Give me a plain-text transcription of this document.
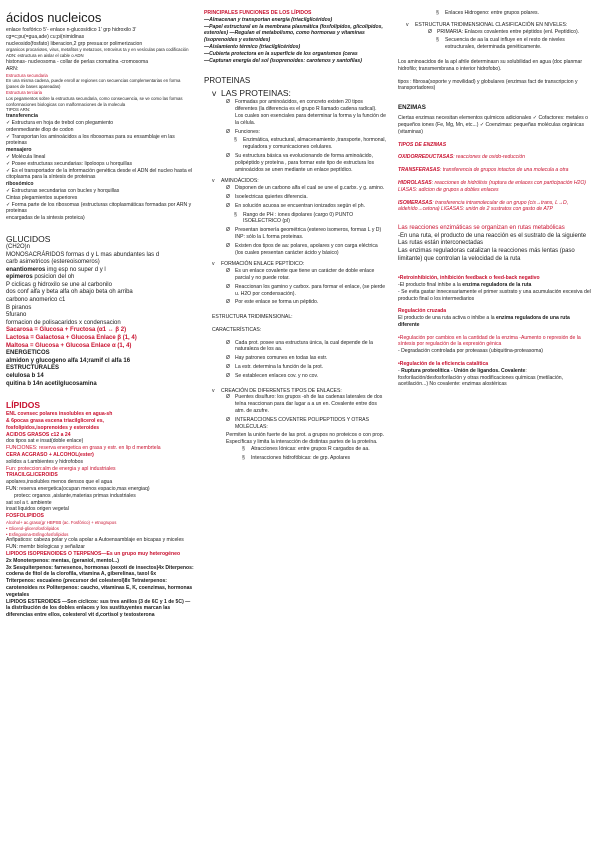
ácidos nucleicos
enlace fosfórico 5’- enlace n-glucosídico 1’ grp hidroxilo 3’
cg=c;pu(=gua,ade) cu;pi(nimidinas
nucleosido(fosfato) liberacion,2 grp presua:or polimerizacion
organicos procariotes, virus, metafitos y metazoos, retrovirus ta y en vesículas para codificación
ADN: estructura en aislar el cable o ADN
histonas- nucleosoma - collar de perlas cromatina -cromosoma
ARN:
Estructura secundaria
En una misma cadena, puede enroll ar regiones con secuencias complementarias en forma (pases de bases apareadas)
Estructura terciaria
Los pegamentos sobre la estructura secundaria, como consecuencia, se ve como las formas conformaciones biologicas con malformaciones de la molecula
TIPOS ARN:
transferencia
✓ Estructura en hoja de trebol con plegamiento
ordenmediante dlop de codon
✓ Transportan los aminoácidos a los ribosomas para su ensamblaje en las proteinas
mensajero
✓ Molécula lineal
✓ Posee estructuras secundarias: lipoloops u horquillas
✓ Es el transportador de la información genética desde el ADN del nucleo hasta el citoplasma para la síntesis de proteinas
ribosómico
✓ Estructuras secundarias con bucles y horquillas
Cintas plegamientos superiores
✓ Forma parte de los ribosomas (estructuras citoplasmáticas formadas por ARN y proteinas
encargadas de la sintesis proteica)
GLUCIDOS
(CH2O)n
MONOSACRÁRIDOS formas d y L mas abundantes las d
carb asimetricos (estereoisomeros)
enantiomeros img esp no super d y l
epimeros posicion del oh
P ciclicas g hidroxilo se une al carbonilo
dos conf alfa y beta alfa oh abajo beta oh arriba
carbono anomerico c1
B piranos
5furano
formacion de polisacaridos x condensacion
Sacarosa = Glucosa + Fructosa (α1 ↔ β 2)
Lactosa = Galactosa + Glucosa Enlace β (1, 4)
Maltosa = Glucosa + Glucosa Enlace α (1, 4)
ENERGETICOS
almidon y glucogeno alfa 14;ramif cl alfa 16
ESTRUCTURALES
celulosa b 14
quitina b 14n acetilglucosamina
LÍPIDOS
ENL covnsec polares insolubles en agua-sh
& 6pocas grasa escena triacilglicerol es,
fosfolipidos,isoprenoides y esteroides
ACIDOS GRASOS c12 a 24
dos tipos sat e insat(doble enlace)
FUNCIONES: reserva energetica en grasa y estr. en lip d membrtela
CERA ACGRASO + ALCOHOL(ester)
solidos a t.ambientes y hidrofobos
Fun: proteccion:alm de energia y apl industriales
TRIACILGLICEROIDS
apolares,insolubles menos densos que el agua
FUN: reserva energetica(ocupan menos espacio,mas energiaq)
protecc organos ,aislante,materias primas industriales
sat sol a t. ambiente
insat liquidos origen vegetal
FOSFOLIPIDOS
Alcohol+ ac.graso(gr HBPSB (ac. Fosfórico) + etnogrupos
• Glicerol-glicerofosfolipidos
• Esfingosina-Esfingofosfolípidos
Anfipaticos: cabeza polar y cola apolar a Autoensamblaje en bicapas y miceles
FUN: membr biologicas y señalizar
LIPIDOS ISOPRENOIDES O TERPENOS—Es un grupo muy heterogéneo
2x Monoterpenos: mentas, (geraniol, mentol...)
3x Sesquiterpenos: farnesenos, hormonas (oexoti de insectos)4x Diterpenos: codena de fitol de la clorofila, vitamina A, giberelinas, taxol 6x
Triterpenos: escualeno (precursor del colesterol)8x Tetraterpenos: carotenoides nx Politerpenos: caucho, vitaminas E, K, coenzimas, hormonas vegetales
LIPIDOS ESTEROIDES —Son cíclicos: sus tres anillos (3 de 6C y 1 de 5C) —la distribución de los dobles enlaces y los sustituyentes marcan las diferencias entre ellos, colesterol vit d,cortisol y testosterona
PRINCIPALES FUNCIONES DE LOS LÍPIDOS
—Almacenan y transportan energía (triacilglicéridos)
—Papel estructural en la membrana plasmática (fosfolípidos, glicolípidos, esteroles) —Regulan el metabolismo, como hormonas y vitaminas (isoprenoides y esteroides)
—Aislamiento térmico (triacilglicéridos)
—Cubierta protectora en la superficie de los organismos (ceras
—Capturan energía del sol (isoprenoides: carotenos y xantofilas)
PROTEINAS
v LAS PROTEINAS:
Ø Formadas por aminoácidos, en concreto existen 20 tipos diferentes (la diferencia es el grupo R llamado cadena radical). Los cuales son esenciales para determinar la forma y la función de la célula.
Ø Funciones:
§	Enzimática, estructural, almacenamiento ,transporte, hormonal, reguladora y comunicaciones celulares.
Ø Su estructura básica va evolucionando de forma aminoácido, polipéptido y proteína , para formar este tipo de estructura los aminoácidos se unen mediante un enlace peptídico.
v	AMINOÁCIDOS:
Ø Disponen de un carbono alfa el cual se une el g.carbx. y g. amino.
Ø Isoelectricas quiertes diferencia.
Ø En solución acuosa se encuentran ionizados según el ph.
§	Rango de PH : iones dipolares (cargo 0) PUNTO ISOELECTRICO (pI)
Ø Presentan isomería geométrica (estereo isomeros, formas L y D) INP: sólo la L forma proteinas.
Ø Existen dos tipos de aa: polares, apolares y con carga eléctrica (los cuales presentan carácter ácido y básico)
v	FORMACIÓN ENLACE PEPTÍDICO:
Ø Es un enlace covalente que tiene un carácter de doble enlace parcial y no puede rotar.
Ø Reaccionan los gamino y carbox. para formar el enlace, (se pierde u. H2O por condensación).
Ø Por este enlace se forma un péptido.
ESTRUCTURA TRIDIMENSIONAL:
CARACTERÍSTICAS:
Ø Cada prot. posee una estructura única, la cual depende de la naturaleza de los aa.
Ø Hay patrones comunes en todas las estr.
Ø La estr. determina la función de la prot.
Ø Se establecen enlaces cov. y no cov.
v	CREACIÓN DE DIFERENTES TIPOS DE ENLACES:
Ø Puentes disulfuro: los grupos -sh de las cadenas laterales de dos teína reaccionan para dar lugar a a un en. Covalente entre dos atm. de azufre.
Ø INTERACCIONES COVENTRE POLIPEPTIDOS Y OTRAS MOLÉCULAS:
Permiten la unión fuerte de las prot. a grupos no proteicos o con prop. Específicas y limita la interacción de distintas partes de la proteína.
§	Atracciones Iónicas: entre grupos R cargados de aa.
§	Interacciones hidrofóbicas: de grp. Apolares
§	Enlaces Hidrogeno: entre grupos polares.
v	ESTRUCTURA TRIDIMENSIONAL CLASIFICACIÓN EN NIVELES:
Ø PRIMARIA: Enlaces covalentes entre péptidos (enl. Peptídico).
§	Secuencia de aa la cual influye en el resto de niveles estructurales, determinada genéticamente.
Los aminoacidos de la apl afrile determinasn su solubilidad en agua (doc planmar hidrofilo; transmembrana o interior hidrofobo).
tipos : fibrosa(soporte y movilidad) y globulares (enzimas fact de transcripcion y transportadores)
ENZIMAS
Ciertas enzimas necesitan elementos químicos adicionales ✓ Cofactores: metales o pequeños iones (Fe, Mg, Mn, etc...) ✓ Coenzimas: pequeñas moléculas orgánicas (vitaminas)
TIPOS DE ENZIMAS
OXIDORREDUCTASAS: reacciones de oxido-reducción
TRANSFERASAS: transferencia de grupos intactos de una molecula a otra
HIDROLASAS: reacciones de hidrólisis (ruptura de enlaces con participación H2O) LIASAS: adicion de grupos a dobles enlaces
ISOMERASAS: transferencia intramolecular de un grupo (cis→trans, L→D, aldehído→cetona) LIGASAS: unión de 2 sustratos con gasto de ATP
Las reacciones enzimáticas se organizan en rutas metabólicas
-En una ruta, el producto de una reacción es el sustrato de la siguiente
Las rutas están interconectadas
Las enzimas reguladoras catalizan la reacciones más lentas (paso limitante) que controlan la velocidad de la ruta
•Retroinhibición, inhibición feedback o feed-back negativo
-El producto final inhibe a la enzima reguladora de la ruta
- Se evita gastar innecesariamente el primer sustrato y una acumulación excesiva del producto final o los intermediarios
Regulación cruzada
El producto de una ruta activa o inhibe a la enzima reguladora de una ruta diferente
•Regulación por cambios en la cantidad de la enzima -Aumento o represión de la síntesis por regulación de la expresión génica
- Degradación controlada por proteasas (ubiquitina-proteasoma)
•Regulación de la eficiencia catalítica
- Ruptura proteolítica - Unión de ligandos. Covalente: fosforilación/desfosforilación y otras modificaciones químicas (metilación, acetilación...) No covalente: enzimas alostéricas
